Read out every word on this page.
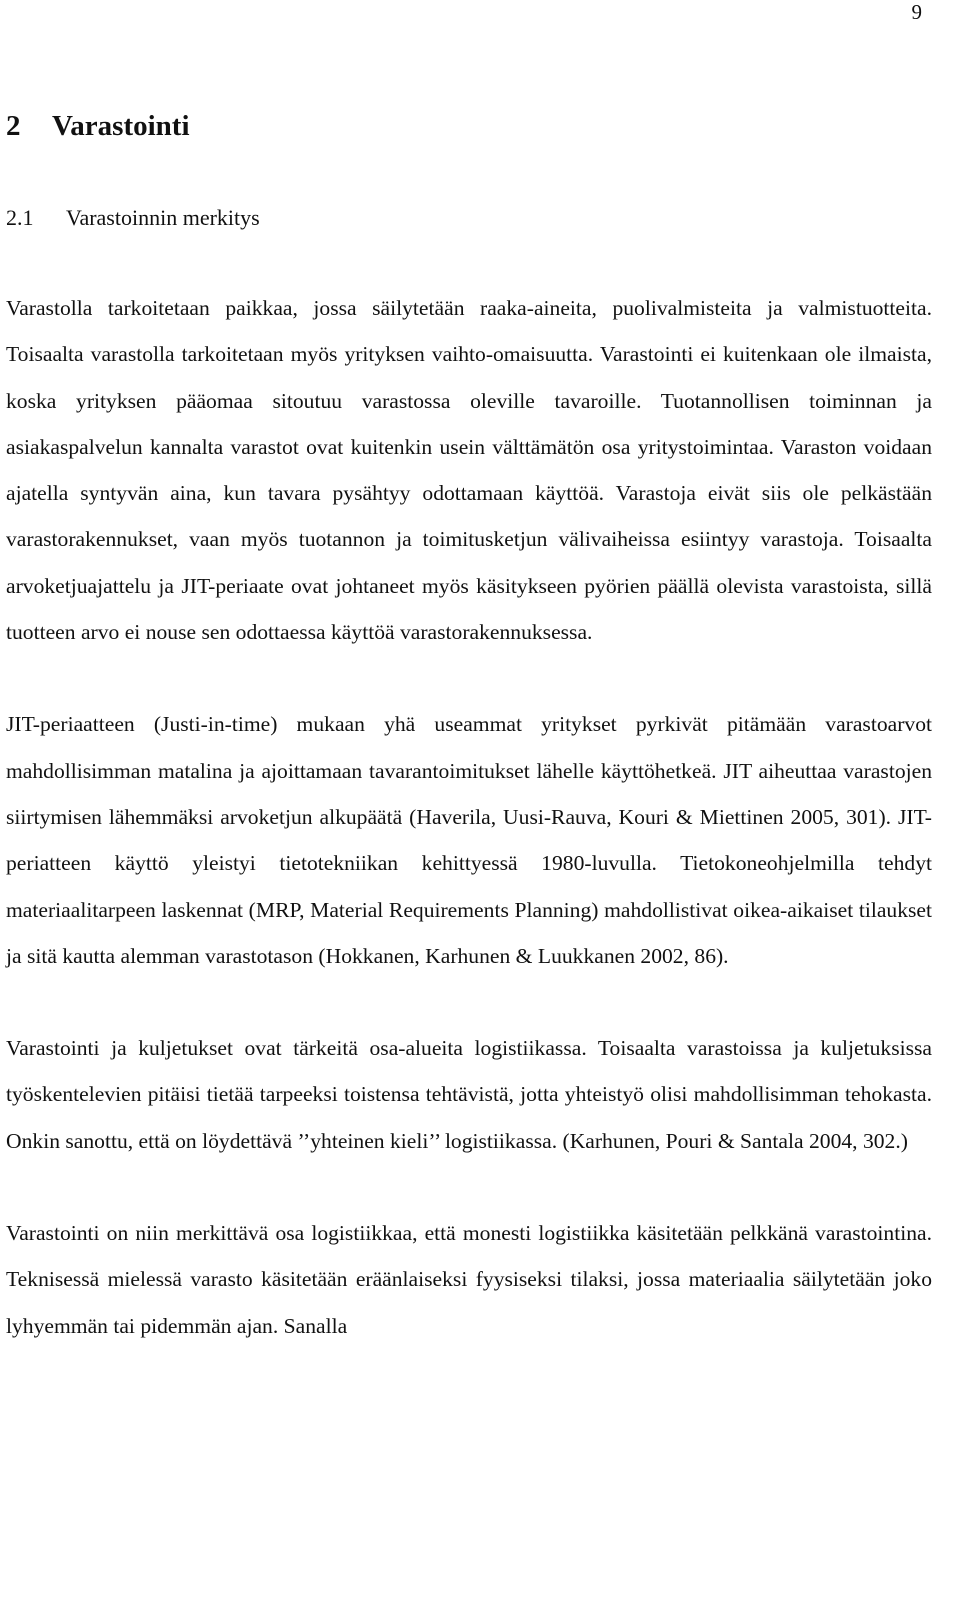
9
2 Varastointi
2.1 Varastoinnin merkitys

Varastolla tarkoitetaan paikkaa, jossa säilytetään raaka-aineita, puolivalmisteita ja valmistuotteita. Toisaalta varastolla tarkoitetaan myös yrityksen vaihto-omaisuutta. Varastointi ei kuitenkaan ole ilmaista, koska yrityksen pääomaa sitoutuu varastossa oleville tavaroille. Tuotannollisen toiminnan ja asiakaspalvelun kannalta varastot ovat kuitenkin usein välttämätön osa yritystoimintaa. Varaston voidaan ajatella syntyvän aina, kun tavara pysähtyy odottamaan käyttöä. Varastoja eivät siis ole pelkästään varastorakennukset, vaan myös tuotannon ja toimitusketjun välivaiheissa esiintyy varastoja. Toisaalta arvoketjuajattelu ja JIT-periaate ovat johtaneet myös käsitykseen pyörien päällä olevista varastoista, sillä tuotteen arvo ei nouse sen odottaessa käyttöä varastorakennuksessa.

JIT-periaatteen (Justi-in-time) mukaan yhä useammat yritykset pyrkivät pitämään varastoarvot mahdollisimman matalina ja ajoittamaan tavarantoimitukset lähelle käyttöhetkeä. JIT aiheuttaa varastojen siirtymisen lähemmäksi arvoketjun alkupäätä (Haverila, Uusi-Rauva, Kouri & Miettinen 2005, 301). JIT-periatteen käyttö yleistyi tietotekniikan kehittyessä 1980-luvulla. Tietokoneohjelmilla tehdyt materiaalitarpeen laskennat (MRP, Material Requirements Planning) mahdollistivat oikea-aikaiset tilaukset ja sitä kautta alemman varastotason (Hokkanen, Karhunen & Luukkanen 2002, 86).

Varastointi ja kuljetukset ovat tärkeitä osa-alueita logistiikassa. Toisaalta varastoissa ja kuljetuksissa työskentelevien pitäisi tietää tarpeeksi toistensa tehtävistä, jotta yhteistyö olisi mahdollisimman tehokasta. Onkin sanottu, että on löydettävä ’’yhteinen kieli’’ logistiikassa. (Karhunen, Pouri & Santala 2004, 302.)

Varastointi on niin merkittävä osa logistiikkaa, että monesti logistiikka käsitetään pelkkänä varastointina. Teknisessä mielessä varasto käsitetään eräänlaiseksi fyysiseksi tilaksi, jossa materiaalia säilytetään joko lyhyemmän tai pidemmän ajan. Sanalla
